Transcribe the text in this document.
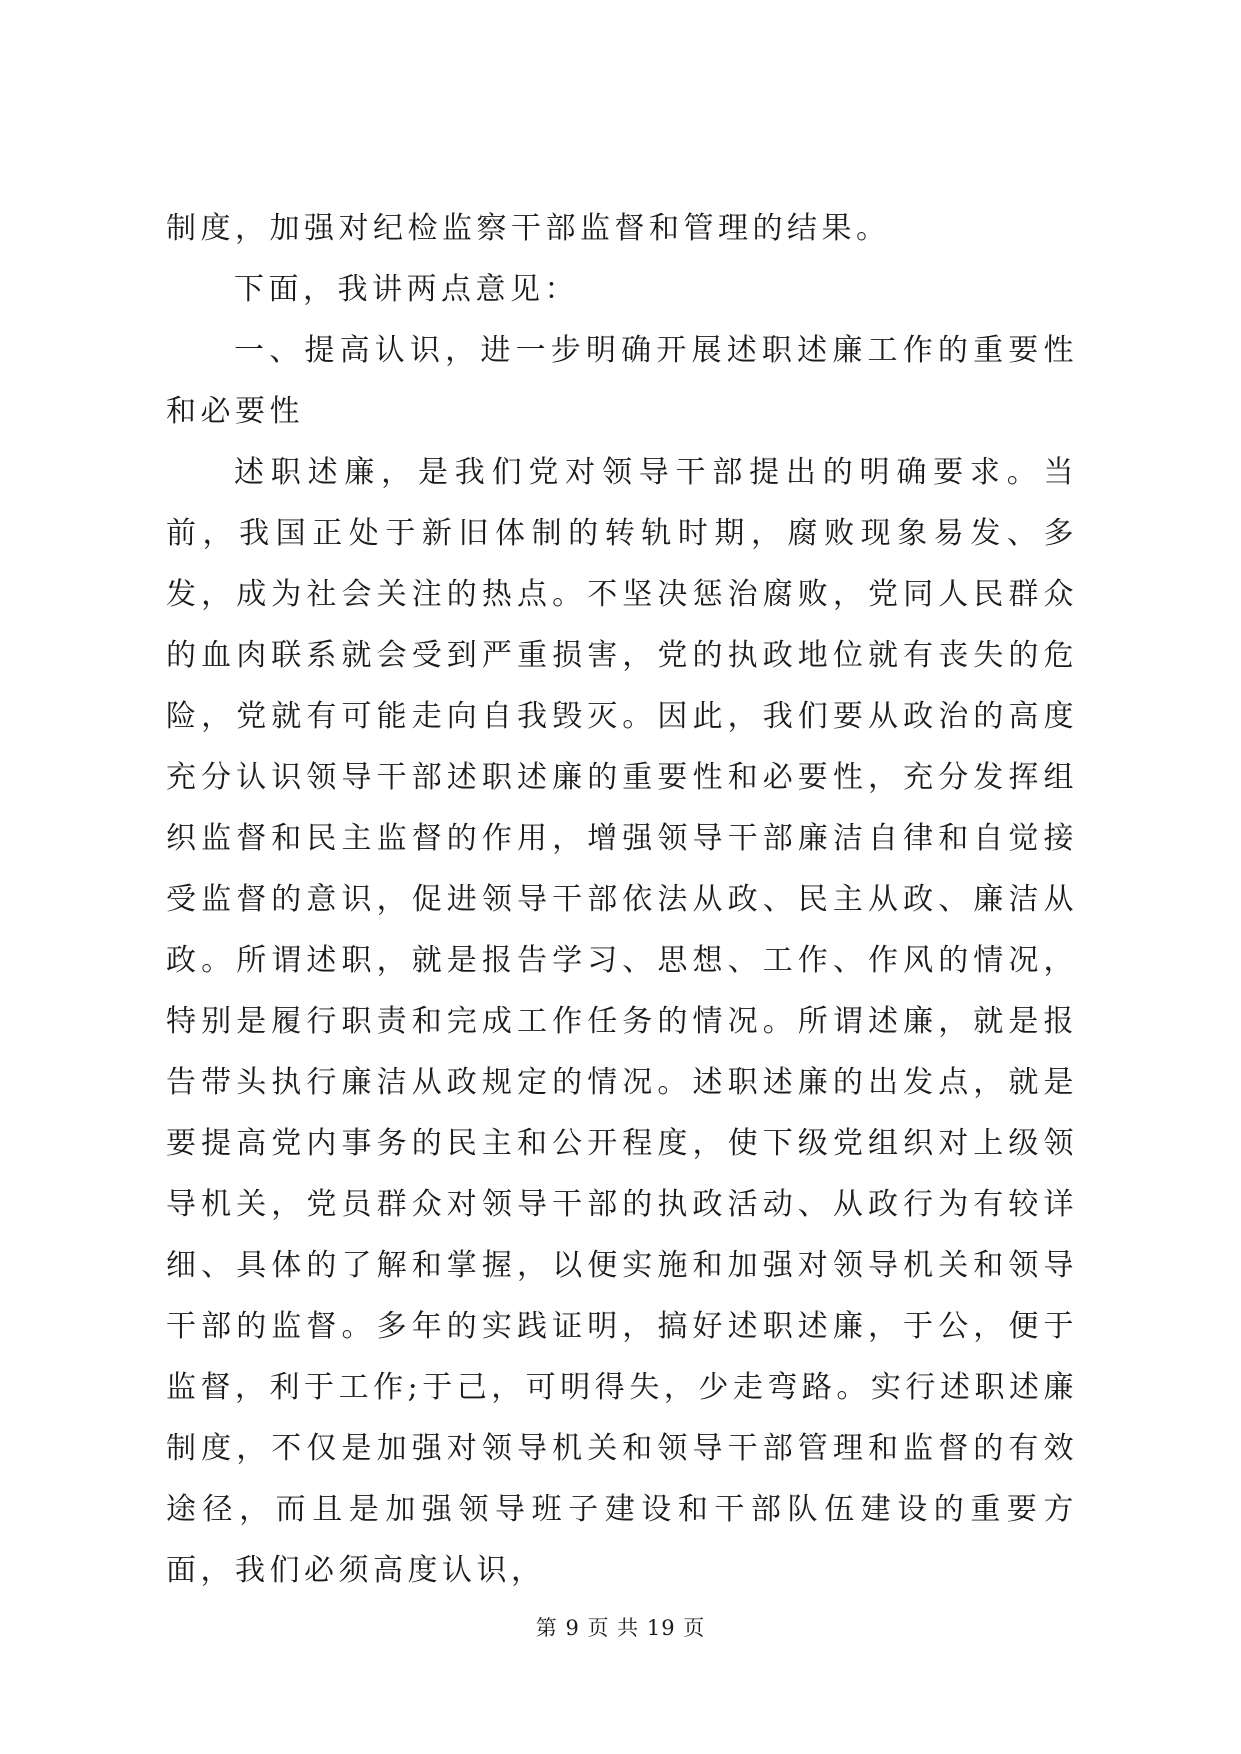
制度，加强对纪检监察干部监督和管理的结果。

下面，我讲两点意见：

一、提高认识，进一步明确开展述职述廉工作的重要性和必要性

述职述廉，是我们党对领导干部提出的明确要求。当前，我国正处于新旧体制的转轨时期，腐败现象易发、多发，成为社会关注的热点。不坚决惩治腐败，党同人民群众的血肉联系就会受到严重损害，党的执政地位就有丧失的危险，党就有可能走向自我毁灭。因此，我们要从政治的高度充分认识领导干部述职述廉的重要性和必要性，充分发挥组织监督和民主监督的作用，增强领导干部廉洁自律和自觉接受监督的意识，促进领导干部依法从政、民主从政、廉洁从政。所谓述职，就是报告学习、思想、工作、作风的情况，特别是履行职责和完成工作任务的情况。所谓述廉，就是报告带头执行廉洁从政规定的情况。述职述廉的出发点，就是要提高党内事务的民主和公开程度，使下级党组织对上级领导机关，党员群众对领导干部的执政活动、从政行为有较详细、具体的了解和掌握，以便实施和加强对领导机关和领导干部的监督。多年的实践证明，搞好述职述廉，于公，便于监督，利于工作;于己，可明得失，少走弯路。实行述职述廉制度，不仅是加强对领导机关和领导干部管理和监督的有效途径，而且是加强领导班子建设和干部队伍建设的重要方面，我们必须高度认识，

第 9 页 共 19 页
